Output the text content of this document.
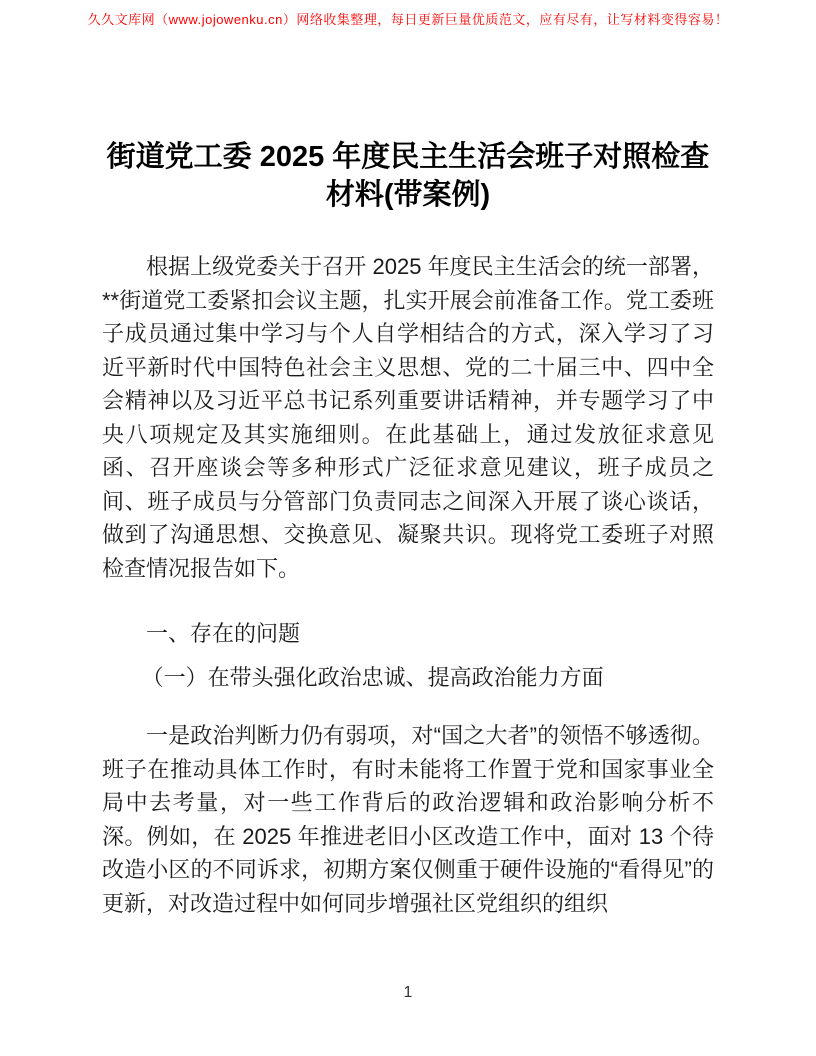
久久文库网（www.jojowenku.cn）网络收集整理，每日更新巨量优质范文，应有尽有，让写材料变得容易！
街道党工委 2025 年度民主生活会班子对照检查材料(带案例)

根据上级党委关于召开 2025 年度民主生活会的统一部署，**街道党工委紧扣会议主题，扎实开展会前准备工作。党工委班子成员通过集中学习与个人自学相结合的方式，深入学习了习近平新时代中国特色社会主义思想、党的二十届三中、四中全会精神以及习近平总书记系列重要讲话精神，并专题学习了中央八项规定及其实施细则。在此基础上，通过发放征求意见函、召开座谈会等多种形式广泛征求意见建议，班子成员之间、班子成员与分管部门负责同志之间深入开展了谈心谈话，做到了沟通思想、交换意见、凝聚共识。现将党工委班子对照检查情况报告如下。

一、存在的问题
（一）在带头强化政治忠诚、提高政治能力方面

一是政治判断力仍有弱项，对“国之大者”的领悟不够透彻。班子在推动具体工作时，有时未能将工作置于党和国家事业全局中去考量，对一些工作背后的政治逻辑和政治影响分析不深。例如，在 2025 年推进老旧小区改造工作中，面对 13 个待改造小区的不同诉求，初期方案仅侧重于硬件设施的“看得见”的更新，对改造过程中如何同步增强社区党组织的组织

1
